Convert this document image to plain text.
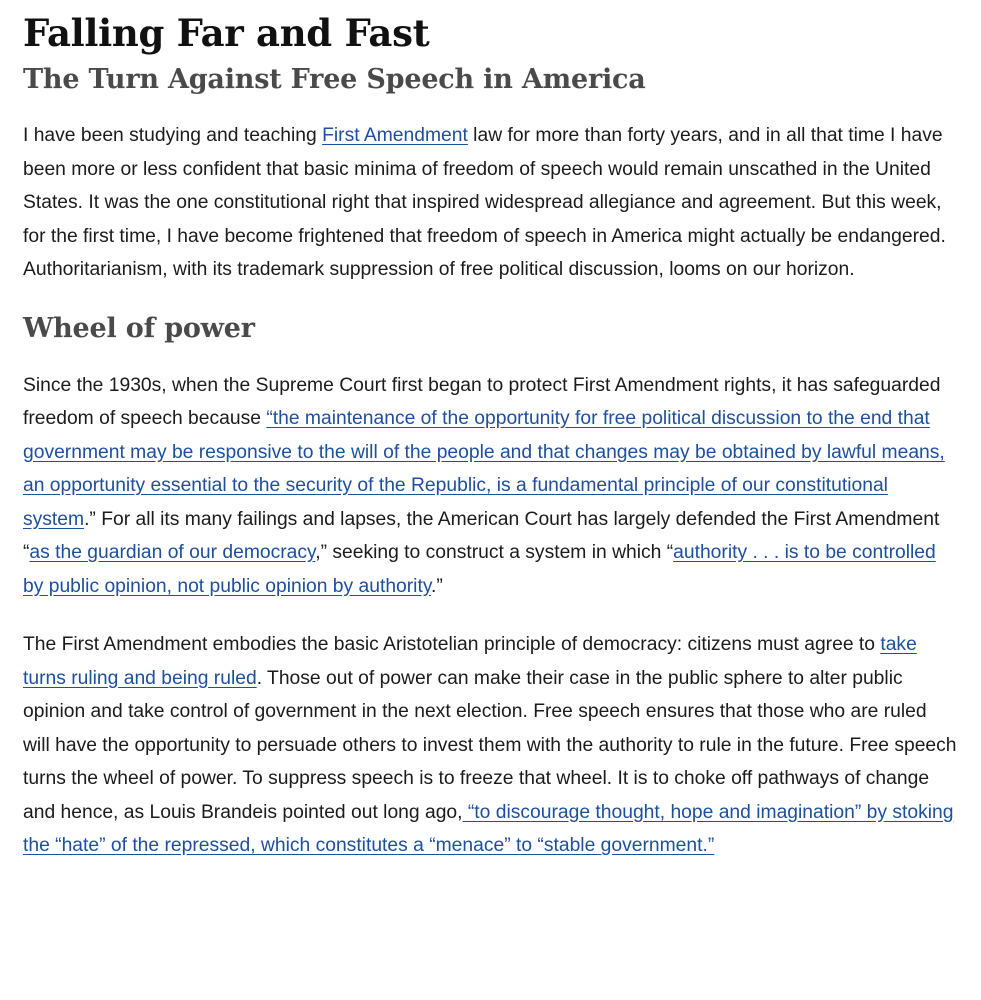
Falling Far and Fast
The Turn Against Free Speech in America

I have been studying and teaching First Amendment law for more than forty years, and in all that time I have been more or less confident that basic minima of freedom of speech would remain unscathed in the United States. It was the one constitutional right that inspired widespread allegiance and agreement. But this week, for the first time, I have become frightened that freedom of speech in America might actually be endangered. Authoritarianism, with its trademark suppression of free political discussion, looms on our horizon.

Wheel of power

Since the 1930s, when the Supreme Court first began to protect First Amendment rights, it has safeguarded freedom of speech because “the maintenance of the opportunity for free political discussion to the end that government may be responsive to the will of the people and that changes may be obtained by lawful means, an opportunity essential to the security of the Republic, is a fundamental principle of our constitutional system.” For all its many failings and lapses, the American Court has largely defended the First Amendment “as the guardian of our democracy,” seeking to construct a system in which “authority . . . is to be controlled by public opinion, not public opinion by authority.”

The First Amendment embodies the basic Aristotelian principle of democracy: citizens must agree to take turns ruling and being ruled. Those out of power can make their case in the public sphere to alter public opinion and take control of government in the next election. Free speech ensures that those who are ruled will have the opportunity to persuade others to invest them with the authority to rule in the future. Free speech turns the wheel of power. To suppress speech is to freeze that wheel. It is to choke off pathways of change and hence, as Louis Brandeis pointed out long ago, “to discourage thought, hope and imagination” by stoking the “hate” of the repressed, which constitutes a “menace” to “stable government.”
